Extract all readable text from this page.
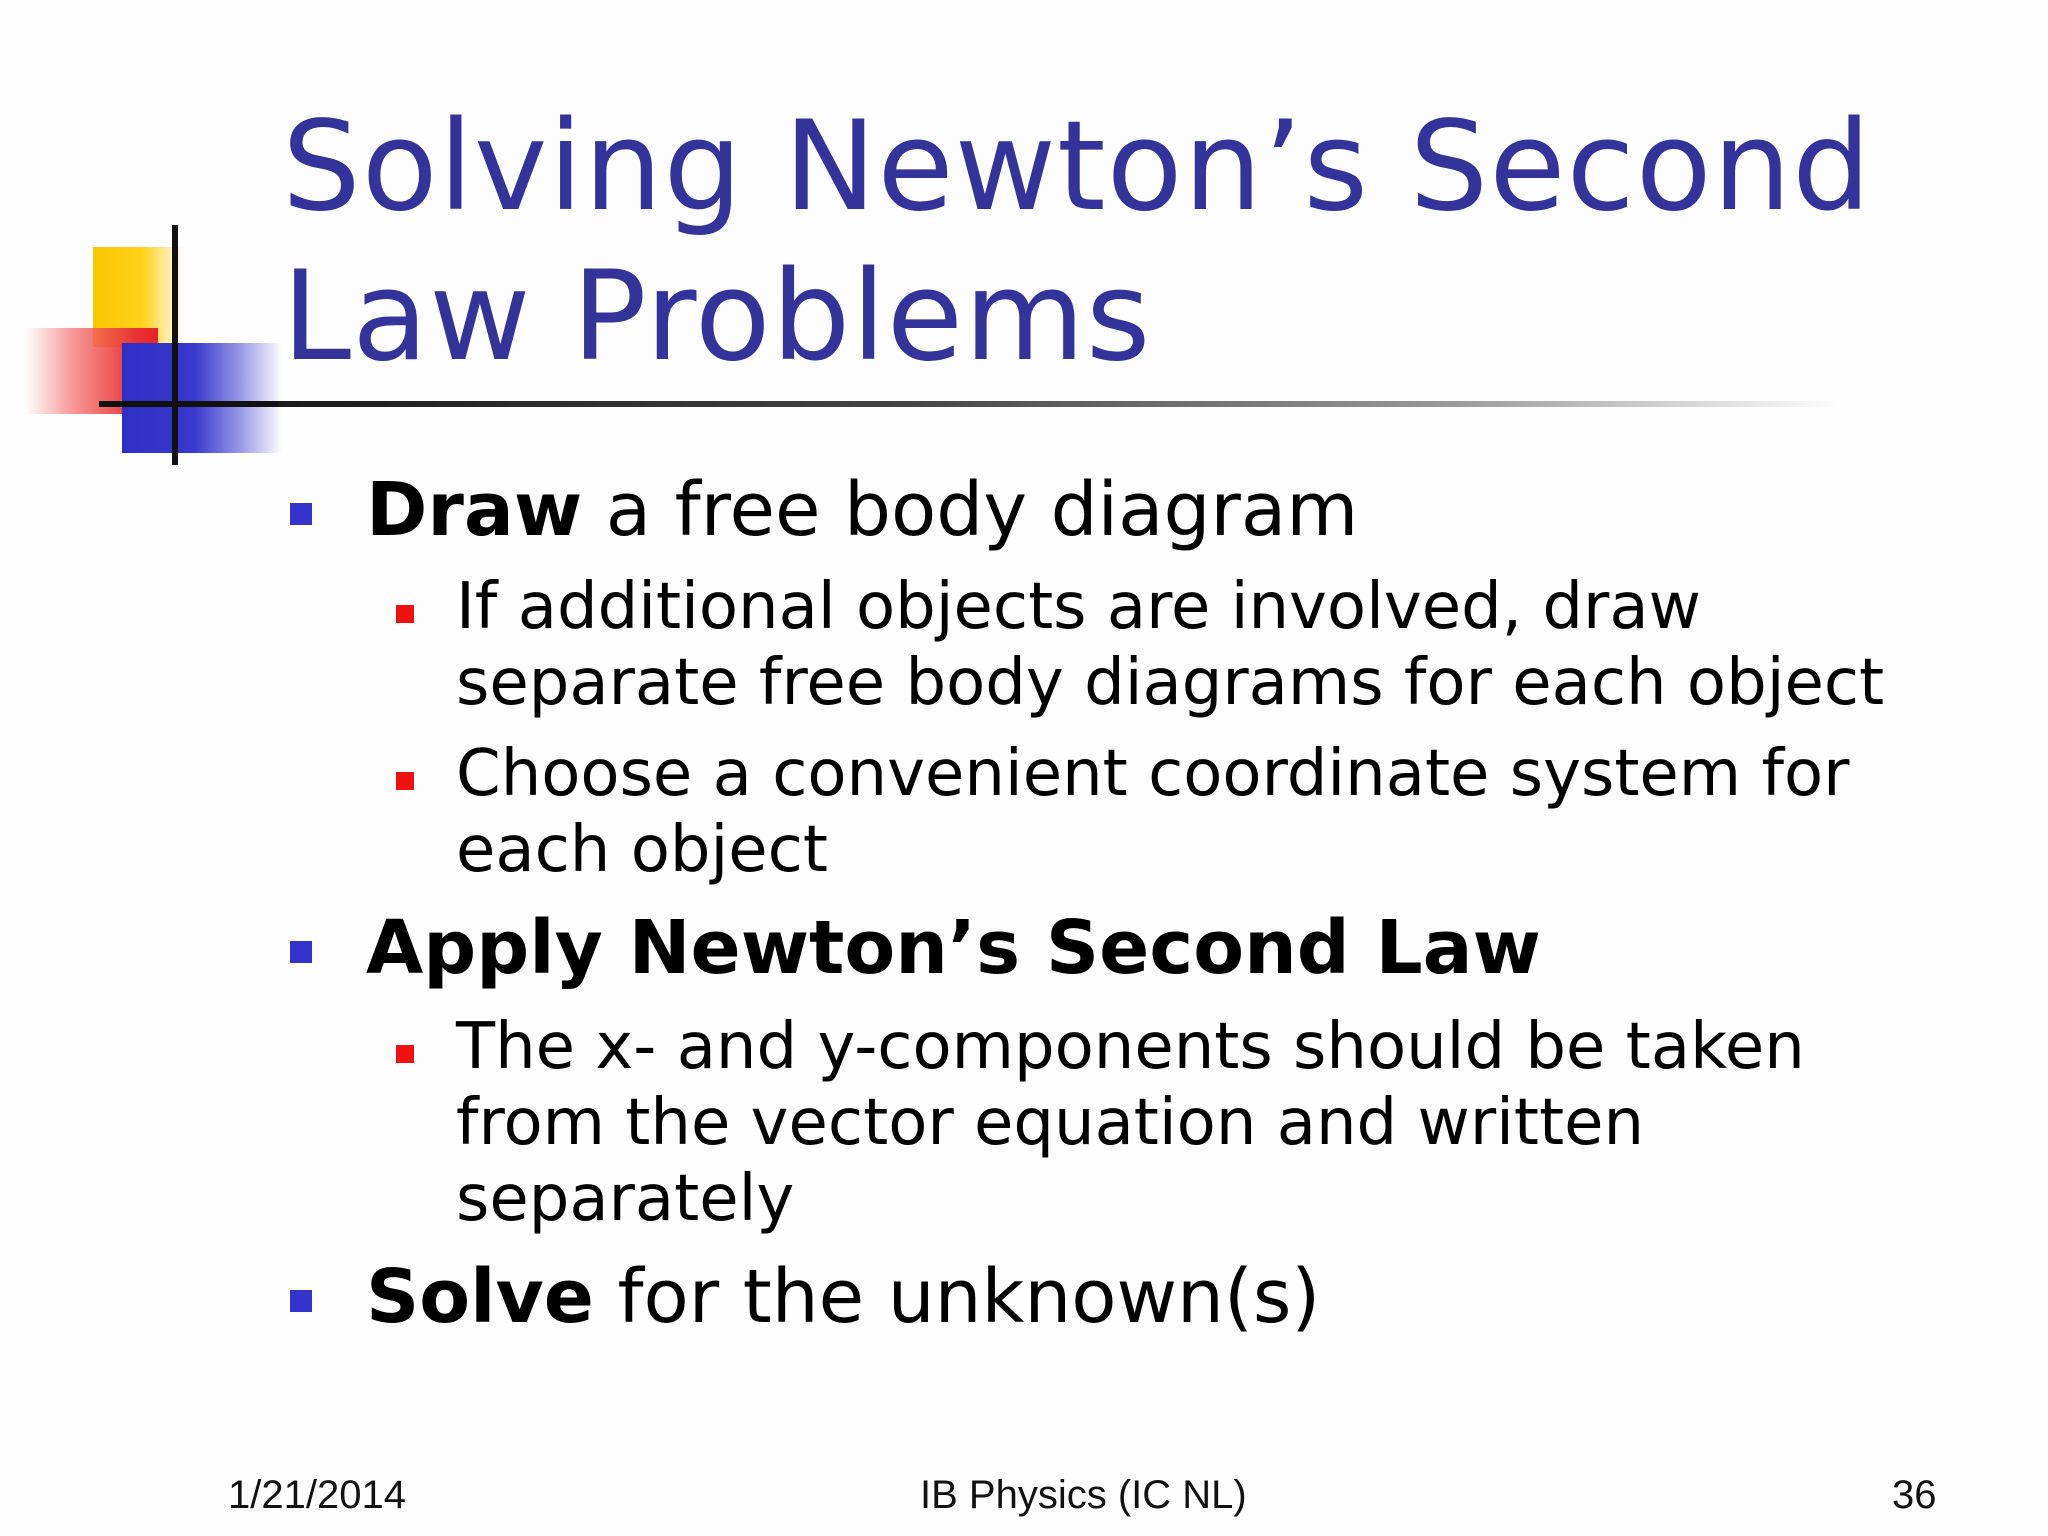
Solving Newton’s Second
Law Problems
Draw a free body diagram
If additional objects are involved, draw
separate free body diagrams for each object
Choose a convenient coordinate system for
each object
Apply Newton’s Second Law
The x- and y-components should be taken
from the vector equation and written
separately
Solve for the unknown(s)
1/21/2014	IB Physics (IC NL)	36
